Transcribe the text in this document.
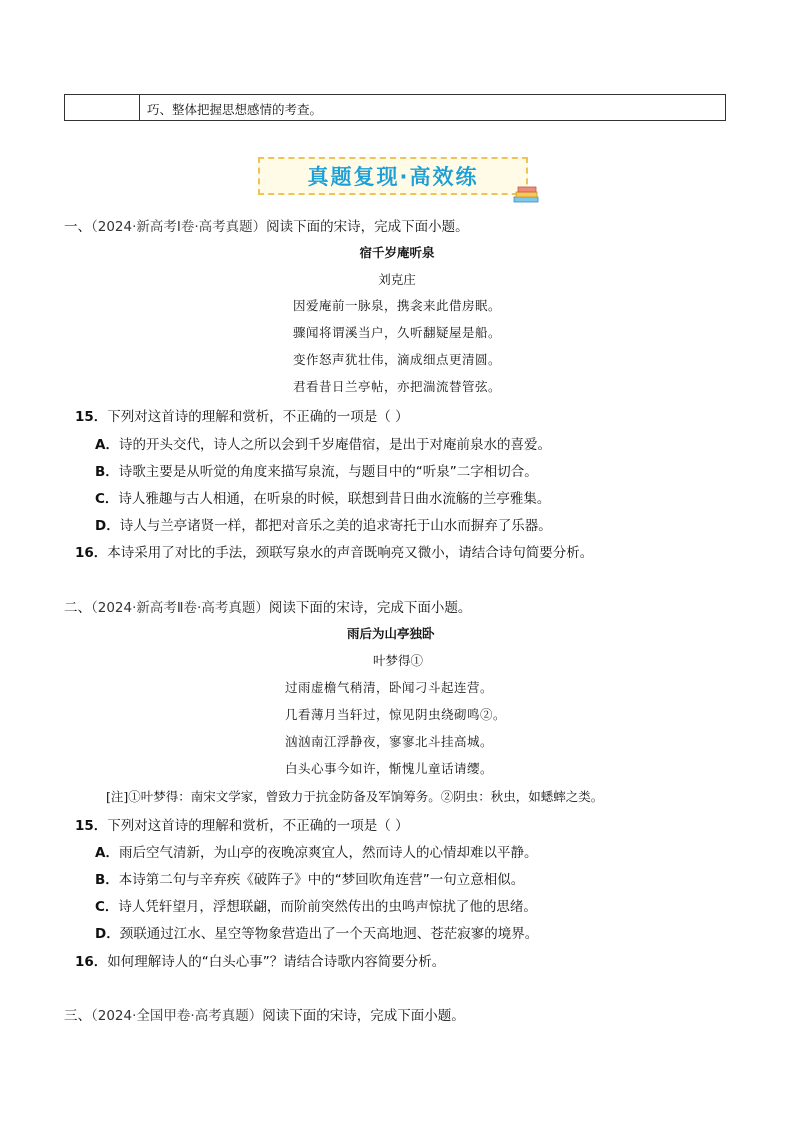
巧、整体把握思想感情的考查。
真题复现·高效练
一、（2024·新高考Ⅰ卷·高考真题）阅读下面的宋诗，完成下面小题。
宿千岁庵听泉
刘克庄
因爱庵前一脉泉，携衾来此借房眠。
骤闻将谓溪当户，久听翻疑屋是船。
变作怒声犹壮伟，滴成细点更清圆。
君看昔日兰亭帖，亦把湍流替管弦。
15．下列对这首诗的理解和赏析，不正确的一项是（ ）
A．诗的开头交代，诗人之所以会到千岁庵借宿，是出于对庵前泉水的喜爱。
B．诗歌主要是从听觉的角度来描写泉流，与题目中的“听泉”二字相切合。
C．诗人雅趣与古人相通，在听泉的时候，联想到昔日曲水流觞的兰亭雅集。
D．诗人与兰亭诸贤一样，都把对音乐之美的追求寄托于山水而摒弃了乐器。
16．本诗采用了对比的手法，颈联写泉水的声音既响亮又微小，请结合诗句简要分析。
二、（2024·新高考Ⅱ卷·高考真题）阅读下面的宋诗，完成下面小题。
雨后为山亭独卧
叶梦得①
过雨虚檐气稍清，卧闻刁斗起连营。
几看薄月当轩过，惊见阴虫绕砌鸣②。
汹汹南江浮静夜，寥寥北斗挂高城。
白头心事今如许，惭愧儿童话请缨。
[注]①叶梦得：南宋文学家，曾致力于抗金防备及军饷筹务。②阴虫：秋虫，如蟋蟀之类。
15．下列对这首诗的理解和赏析，不正确的一项是（ ）
A．雨后空气清新，为山亭的夜晚凉爽宜人，然而诗人的心情却难以平静。
B．本诗第二句与辛弃疾《破阵子》中的“梦回吹角连营”一句立意相似。
C．诗人凭轩望月，浮想联翩，而阶前突然传出的虫鸣声惊扰了他的思绪。
D．颈联通过江水、星空等物象营造出了一个天高地迥、苍茫寂寥的境界。
16．如何理解诗人的“白头心事”？请结合诗歌内容简要分析。
三、（2024·全国甲卷·高考真题）阅读下面的宋诗，完成下面小题。
